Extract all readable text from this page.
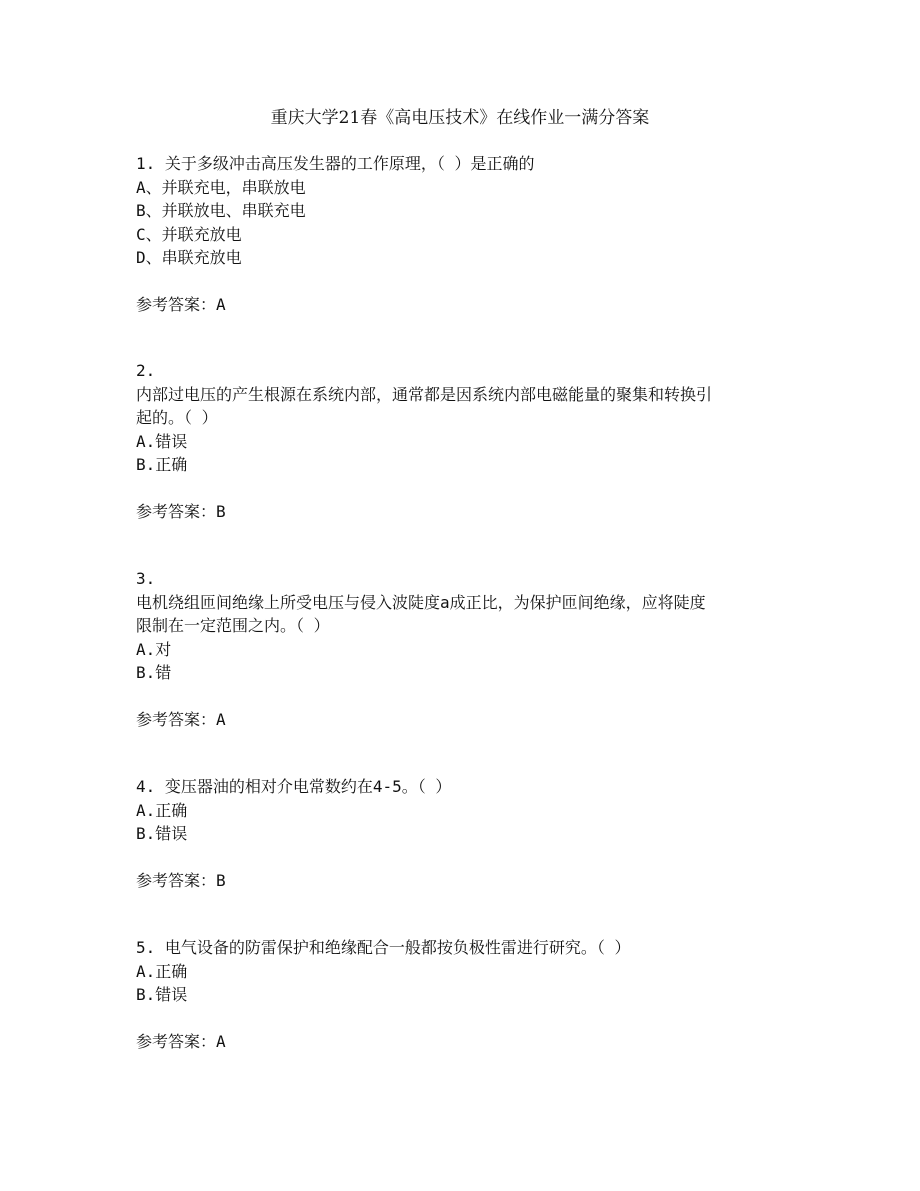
重庆大学21春《高电压技术》在线作业一满分答案
1. 关于多级冲击高压发生器的工作原理，（ ）是正确的
A、并联充电，串联放电
B、并联放电、串联充电
C、并联充放电
D、串联充放电
参考答案：A
2.
内部过电压的产生根源在系统内部，通常都是因系统内部电磁能量的聚集和转换引
起的。（ ）
A.错误
B.正确
参考答案：B
3.
电机绕组匝间绝缘上所受电压与侵入波陡度a成正比，为保护匝间绝缘，应将陡度
限制在一定范围之内。（ ）
A.对
B.错
参考答案：A
4. 变压器油的相对介电常数约在4-5。（ ）
A.正确
B.错误
参考答案：B
5. 电气设备的防雷保护和绝缘配合一般都按负极性雷进行研究。（ ）
A.正确
B.错误
参考答案：A
